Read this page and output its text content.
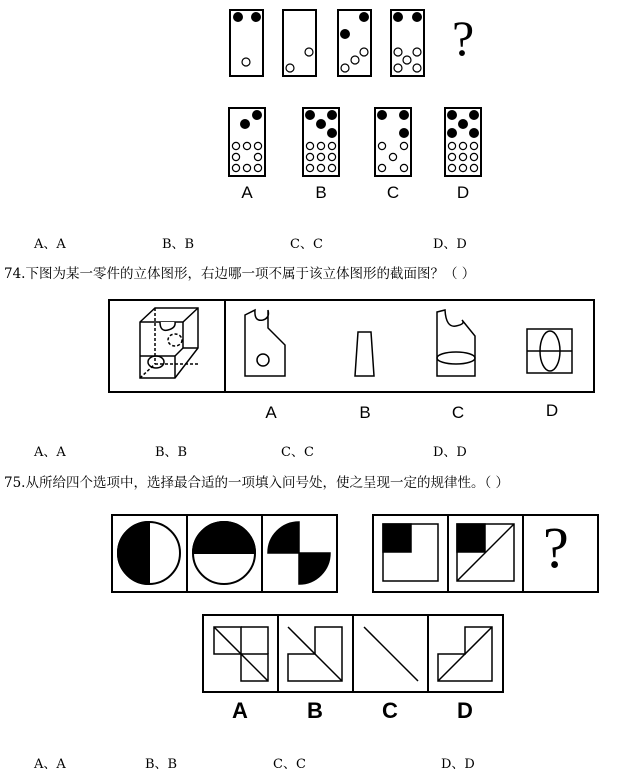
?
A	B	C	D
A、A	B、B	C、C	D、D
74.下图为某一零件的立体图形，右边哪一项不属于该立体图形的截面图？（ ）
A	B	C	D
A、A	B、B	C、C	D、D
75.从所给四个选项中，选择最合适的一项填入问号处，使之呈现一定的规律性。（ ）
?
A	B	C	D
A、A	B、B	C、C	D、D
